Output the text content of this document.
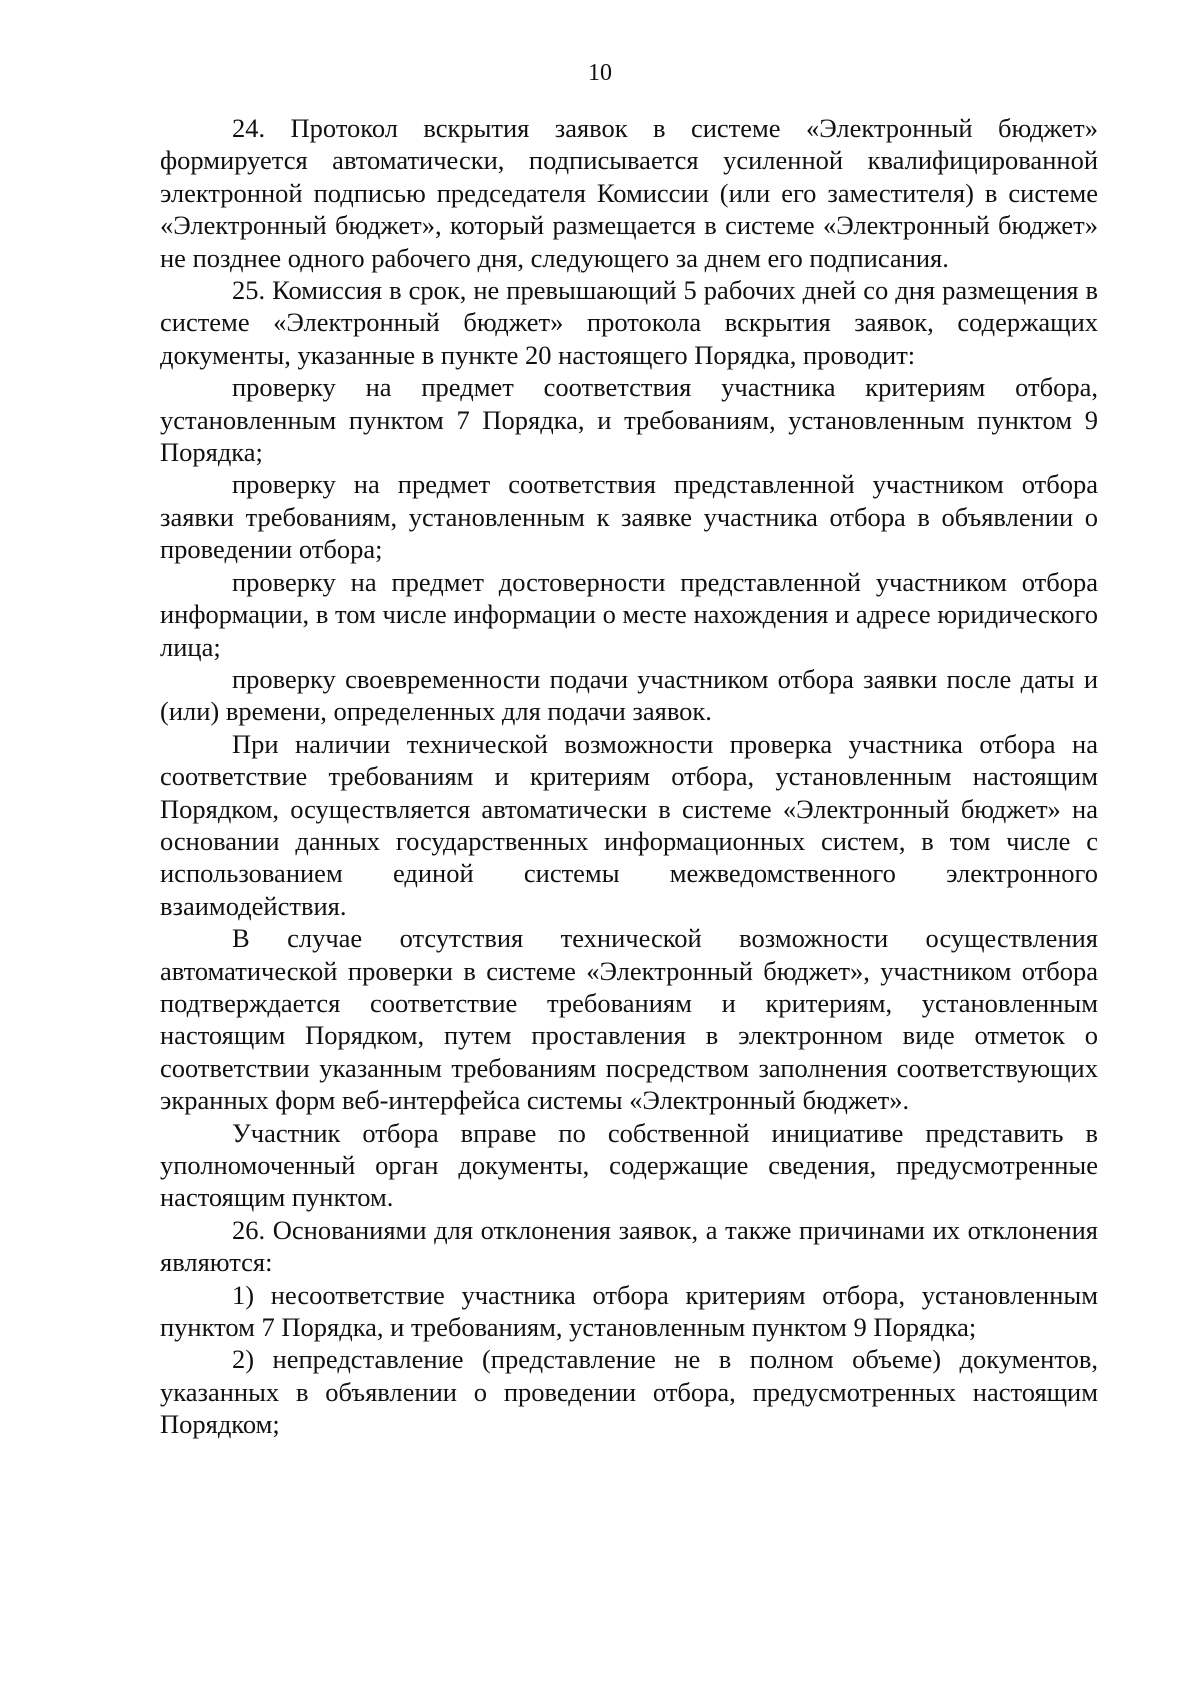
10

24. Протокол вскрытия заявок в системе «Электронный бюджет» формируется автоматически, подписывается усиленной квалифицированной электронной подписью председателя Комиссии (или его заместителя) в системе «Электронный бюджет», который размещается в системе «Электронный бюджет» не позднее одного рабочего дня, следующего за днем его подписания.

25. Комиссия в срок, не превышающий 5 рабочих дней со дня размещения в системе «Электронный бюджет» протокола вскрытия заявок, содержащих документы, указанные в пункте 20 настоящего Порядка, проводит:

проверку на предмет соответствия участника критериям отбора, установленным пунктом 7 Порядка, и требованиям, установленным пунктом 9 Порядка;

проверку на предмет соответствия представленной участником отбора заявки требованиям, установленным к заявке участника отбора в объявлении о проведении отбора;

проверку на предмет достоверности представленной участником отбора информации, в том числе информации о месте нахождения и адресе юридического лица;

проверку своевременности подачи участником отбора заявки после даты и (или) времени, определенных для подачи заявок.

При наличии технической возможности проверка участника отбора на соответствие требованиям и критериям отбора, установленным настоящим Порядком, осуществляется автоматически в системе «Электронный бюджет» на основании данных государственных информационных систем, в том числе с использованием единой системы межведомственного электронного взаимодействия.

В случае отсутствия технической возможности осуществления автоматической проверки в системе «Электронный бюджет», участником отбора подтверждается соответствие требованиям и критериям, установленным настоящим Порядком, путем проставления в электронном виде отметок о соответствии указанным требованиям посредством заполнения соответствующих экранных форм веб-интерфейса системы «Электронный бюджет».

Участник отбора вправе по собственной инициативе представить в уполномоченный орган документы, содержащие сведения, предусмотренные настоящим пунктом.

26. Основаниями для отклонения заявок, а также причинами их отклонения являются:

1) несоответствие участника отбора критериям отбора, установленным пунктом 7 Порядка, и требованиям, установленным пунктом 9 Порядка;

2) непредставление (представление не в полном объеме) документов, указанных в объявлении о проведении отбора, предусмотренных настоящим Порядком;
